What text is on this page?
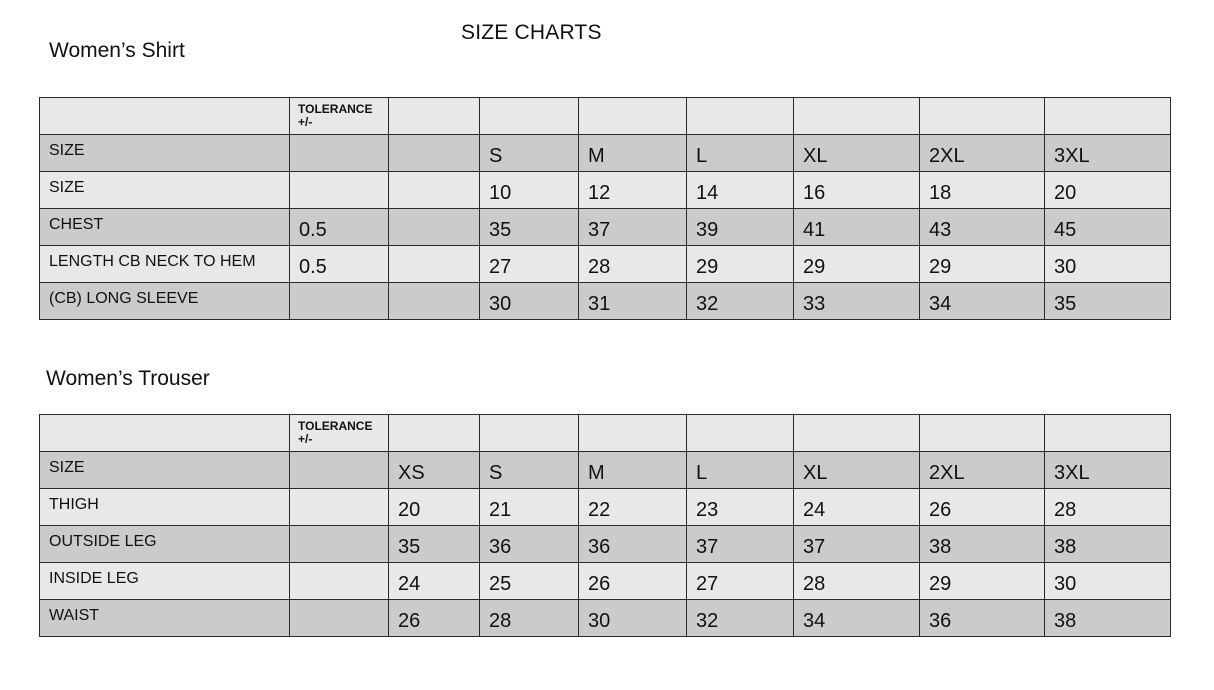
SIZE CHARTS
Women’s Shirt
	TOLERANCE
+/-							
SIZE			S	M	L	XL	2XL	3XL
SIZE			10	12	14	16	18	20
CHEST	0.5		35	37	39	41	43	45
LENGTH CB NECK TO HEM	0.5		27	28	29	29	29	30
(CB) LONG SLEEVE			30	31	32	33	34	35
Women’s Trouser
	TOLERANCE
+/-							
SIZE		XS	S	M	L	XL	2XL	3XL
THIGH		20	21	22	23	24	26	28
OUTSIDE LEG		35	36	36	37	37	38	38
INSIDE LEG		24	25	26	27	28	29	30
WAIST		26	28	30	32	34	36	38
